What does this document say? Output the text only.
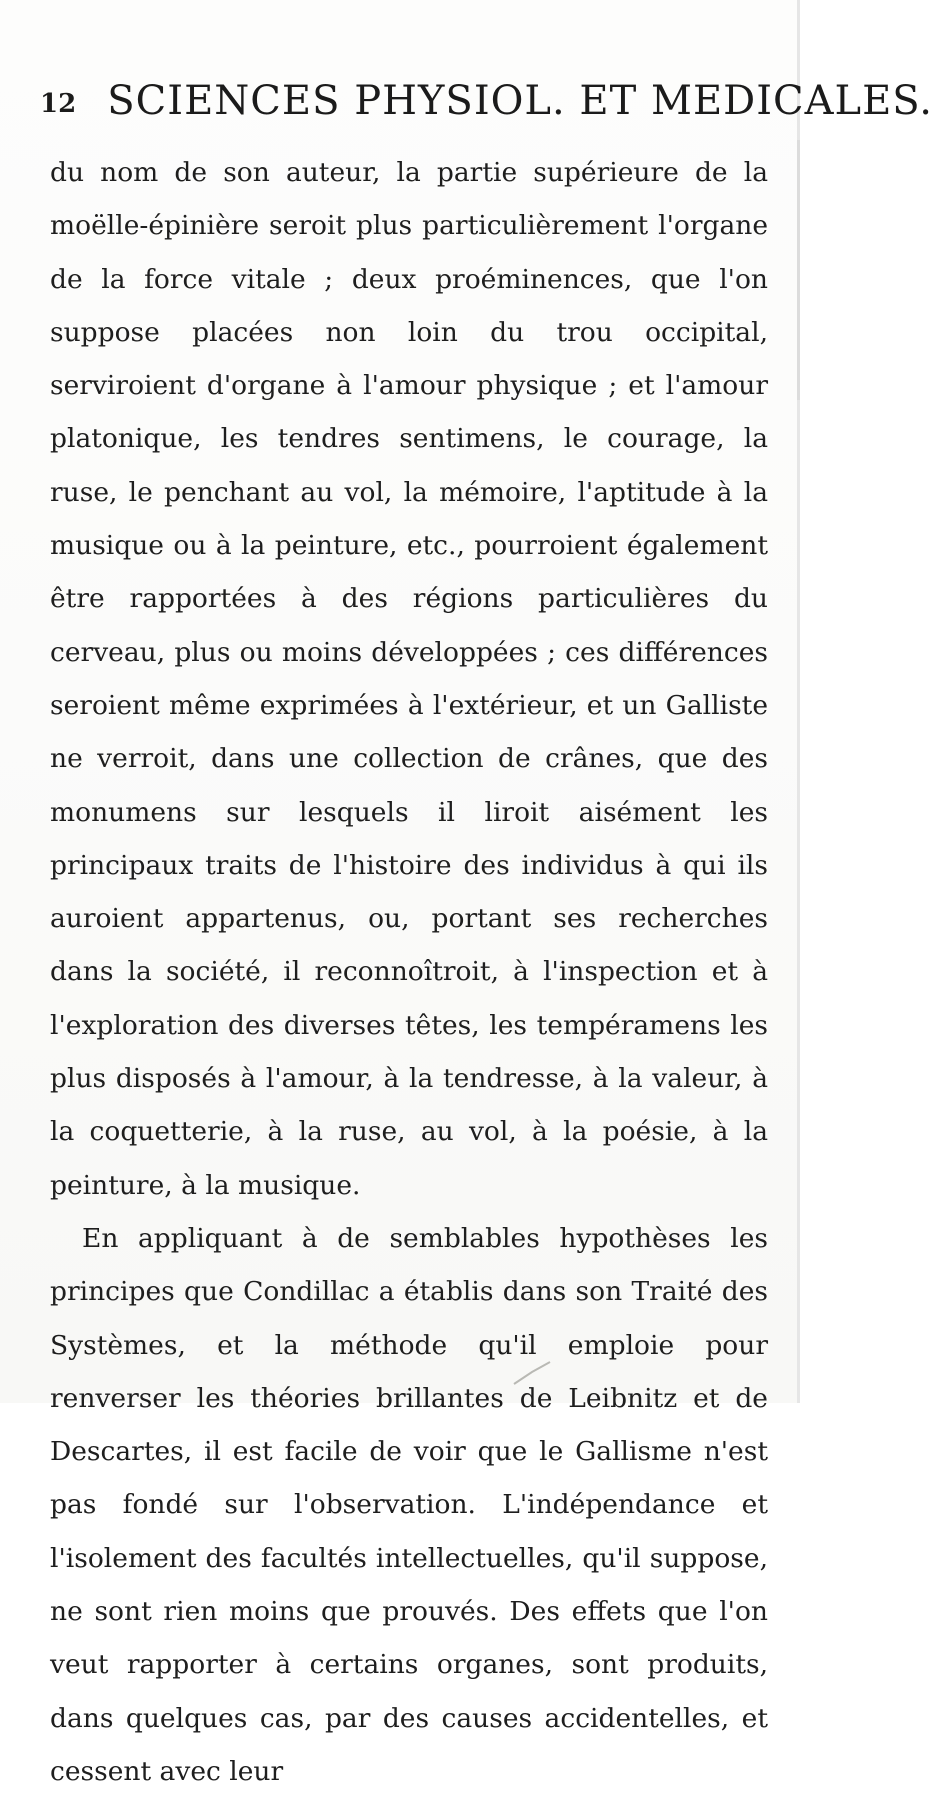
12 SCIENCES PHYSIOL. ET MEDICALES.

du nom de son auteur, la partie supérieure de la moëlle-épinière seroit plus particulièrement l'organe de la force vitale ; deux proéminences, que l'on suppose placées non loin du trou occipital, serviroient d'organe à l'amour physique ; et l'amour platonique, les tendres sentimens, le courage, la ruse, le penchant au vol, la mémoire, l'aptitude à la musique ou à la peinture, etc., pourroient également être rapportées à des régions particulières du cerveau, plus ou moins développées ; ces différences seroient même exprimées à l'extérieur, et un Galliste ne verroit, dans une collection de crânes, que des monumens sur lesquels il liroit aisément les principaux traits de l'histoire des individus à qui ils auroient appartenus, ou, portant ses recherches dans la société, il reconnoîtroit, à l'inspection et à l'exploration des diverses têtes, les tempéramens les plus disposés à l'amour, à la tendresse, à la valeur, à la coquetterie, à la ruse, au vol, à la poésie, à la peinture, à la musique.

En appliquant à de semblables hypothèses les principes que Condillac a établis dans son Traité des Systèmes, et la méthode qu'il emploie pour renverser les théories brillantes de Leibnitz et de Descartes, il est facile de voir que le Gallisme n'est pas fondé sur l'observation. L'indépendance et l'isolement des facultés intellectuelles, qu'il suppose, ne sont rien moins que prouvés. Des effets que l'on veut rapporter à certains organes, sont produits, dans quelques cas, par des causes accidentelles, et cessent avec leur
